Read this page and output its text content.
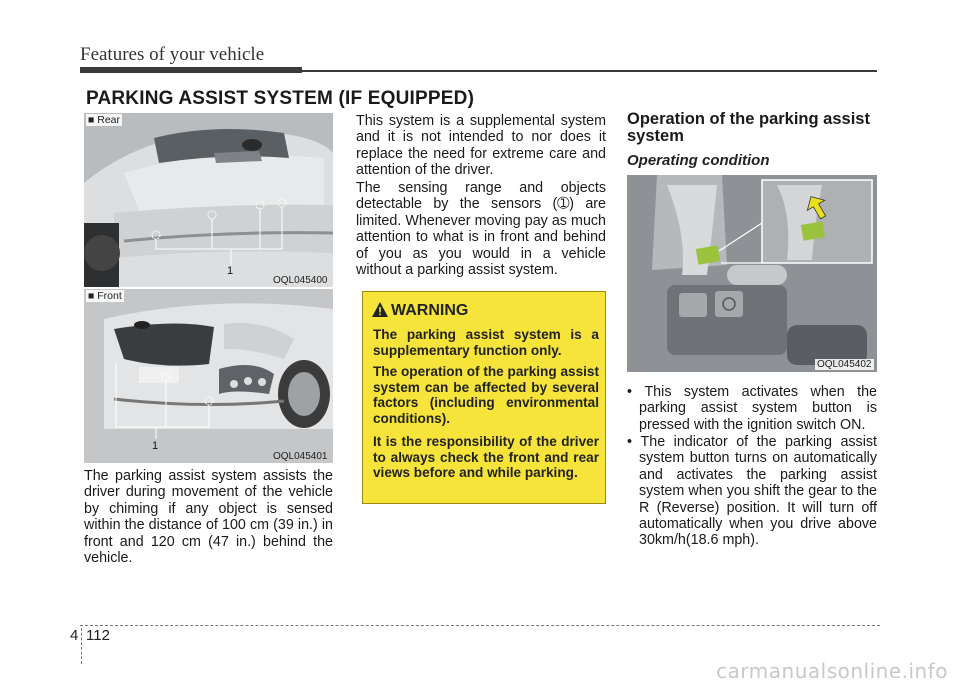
Features of your vehicle
PARKING ASSIST SYSTEM (IF EQUIPPED)
■ Rear
1
OQL045400
■ Front
1
OQL045401
The parking assist system assists the driver during movement of the vehicle by chiming if any object is sensed within the distance of 100 cm (39 in.) in front and 120 cm (47 in.) behind the vehicle.
This system is a supplemental system and it is not intended to nor does it replace the need for extreme care and attention of the driver.
The sensing range and objects detectable by the sensors (➀) are limited. Whenever moving pay as much attention to what is in front and behind of you as you would in a vehicle without a parking assist system.
WARNING
The parking assist system is a supplementary function only.
The operation of the parking assist system can be affected by several factors (including environmental conditions).
It is the responsibility of the driver to always check the front and rear views before and while parking.
Operation of the parking assist system
Operating condition
OQL045402
• This system activates when the parking assist system button is pressed with the ignition switch ON.
• The indicator of the parking assist system button turns on automatically and activates the parking assist system when you shift the gear to the R (Reverse) position. It will turn off automatically when you drive above 30km/h(18.6 mph).
4 112
carmanualsonline.info
